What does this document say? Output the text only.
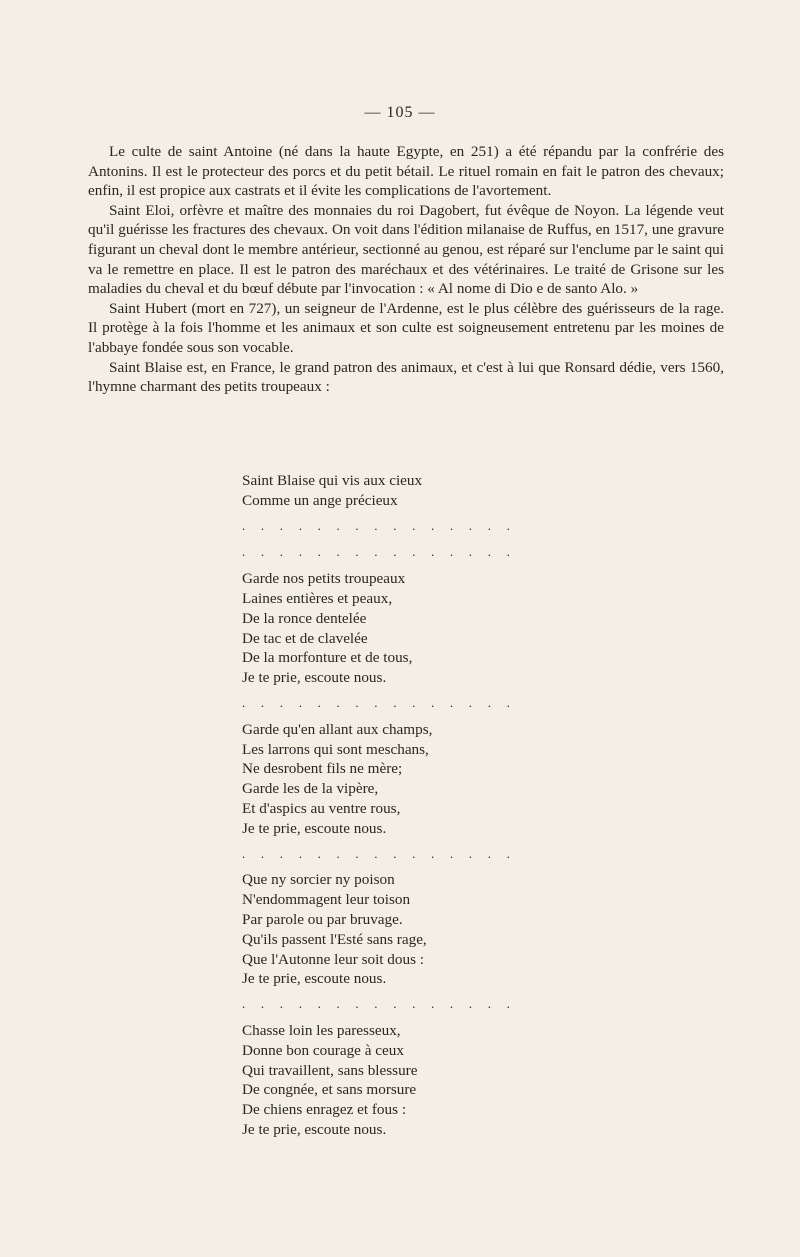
— 105 —

Le culte de saint Antoine (né dans la haute Egypte, en 251) a été répandu par la confrérie des Antonins. Il est le protecteur des porcs et du petit bétail. Le rituel romain en fait le patron des chevaux; enfin, il est propice aux castrats et il évite les complications de l'avortement.

Saint Eloi, orfèvre et maître des monnaies du roi Dagobert, fut évêque de Noyon. La légende veut qu'il guérisse les fractures des chevaux. On voit dans l'édition milanaise de Ruffus, en 1517, une gravure figurant un cheval dont le membre antérieur, sectionné au genou, est réparé sur l'enclume par le saint qui va le remettre en place. Il est le patron des maréchaux et des vétérinaires. Le traité de Grisone sur les maladies du cheval et du bœuf débute par l'invocation : « Al nome di Dio e de santo Alo. »

Saint Hubert (mort en 727), un seigneur de l'Ardenne, est le plus célèbre des guérisseurs de la rage. Il protège à la fois l'homme et les animaux et son culte est soigneusement entretenu par les moines de l'abbaye fondée sous son vocable.

Saint Blaise est, en France, le grand patron des animaux, et c'est à lui que Ronsard dédie, vers 1560, l'hymne charmant des petits troupeaux :

Saint Blaise qui vis aux cieux
Comme un ange précieux
. . . . . . . . . . . . . . .
. . . . . . . . . . . . . . .
Garde nos petits troupeaux
Laines entières et peaux,
De la ronce dentelée
De tac et de clavelée
De la morfonture et de tous,
Je te prie, escoute nous.
. . . . . . . . . . . . . . .
Garde qu'en allant aux champs,
Les larrons qui sont meschans,
Ne desrobent fils ne mère;
Garde les de la vipère,
Et d'aspics au ventre rous,
Je te prie, escoute nous.
. . . . . . . . . . . . . . .
Que ny sorcier ny poison
N'endommagent leur toison
Par parole ou par bruvage.
Qu'ils passent l'Esté sans rage,
Que l'Autonne leur soit dous :
Je te prie, escoute nous.
. . . . . . . . . . . . . . .
Chasse loin les paresseux,
Donne bon courage à ceux
Qui travaillent, sans blessure
De congnée, et sans morsure
De chiens enragez et fous :
Je te prie, escoute nous.
